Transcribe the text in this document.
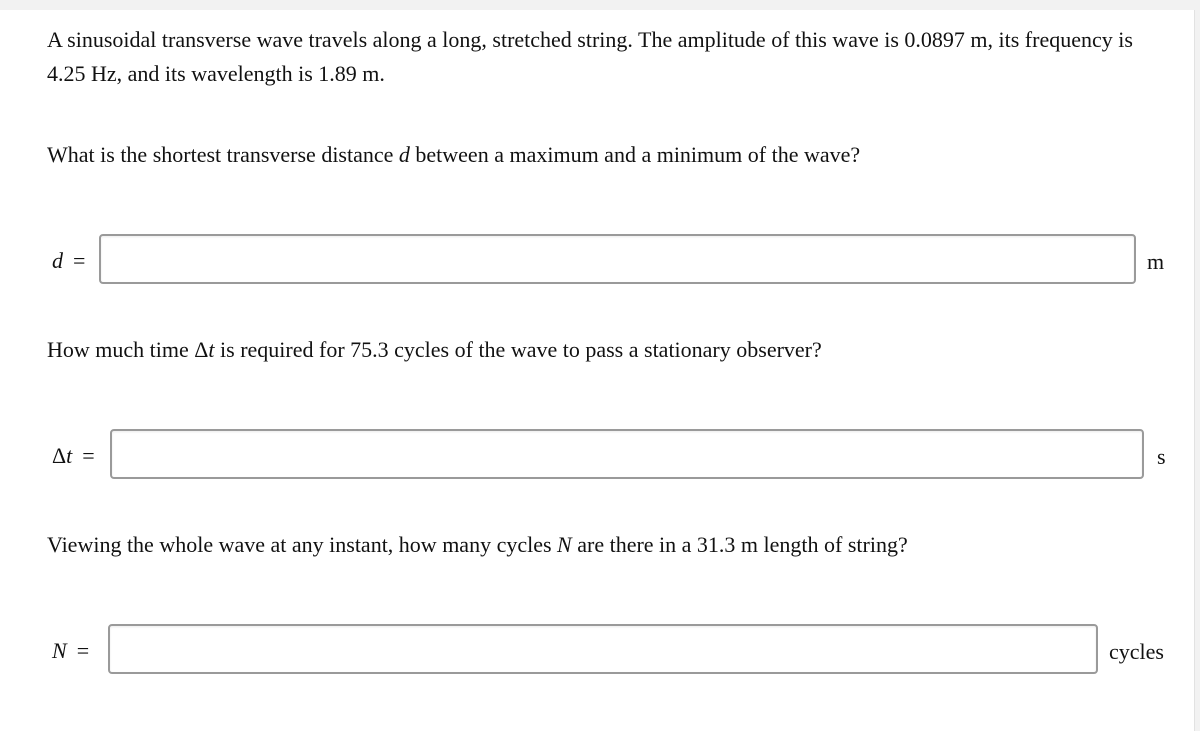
A sinusoidal transverse wave travels along a long, stretched string. The amplitude of this wave is 0.0897 m, its frequency is 4.25 Hz, and its wavelength is 1.89 m.

What is the shortest transverse distance d between a maximum and a minimum of the wave?

d =	m

How much time Δt is required for 75.3 cycles of the wave to pass a stationary observer?

Δt =	s

Viewing the whole wave at any instant, how many cycles N are there in a 31.3 m length of string?

N =	cycles
